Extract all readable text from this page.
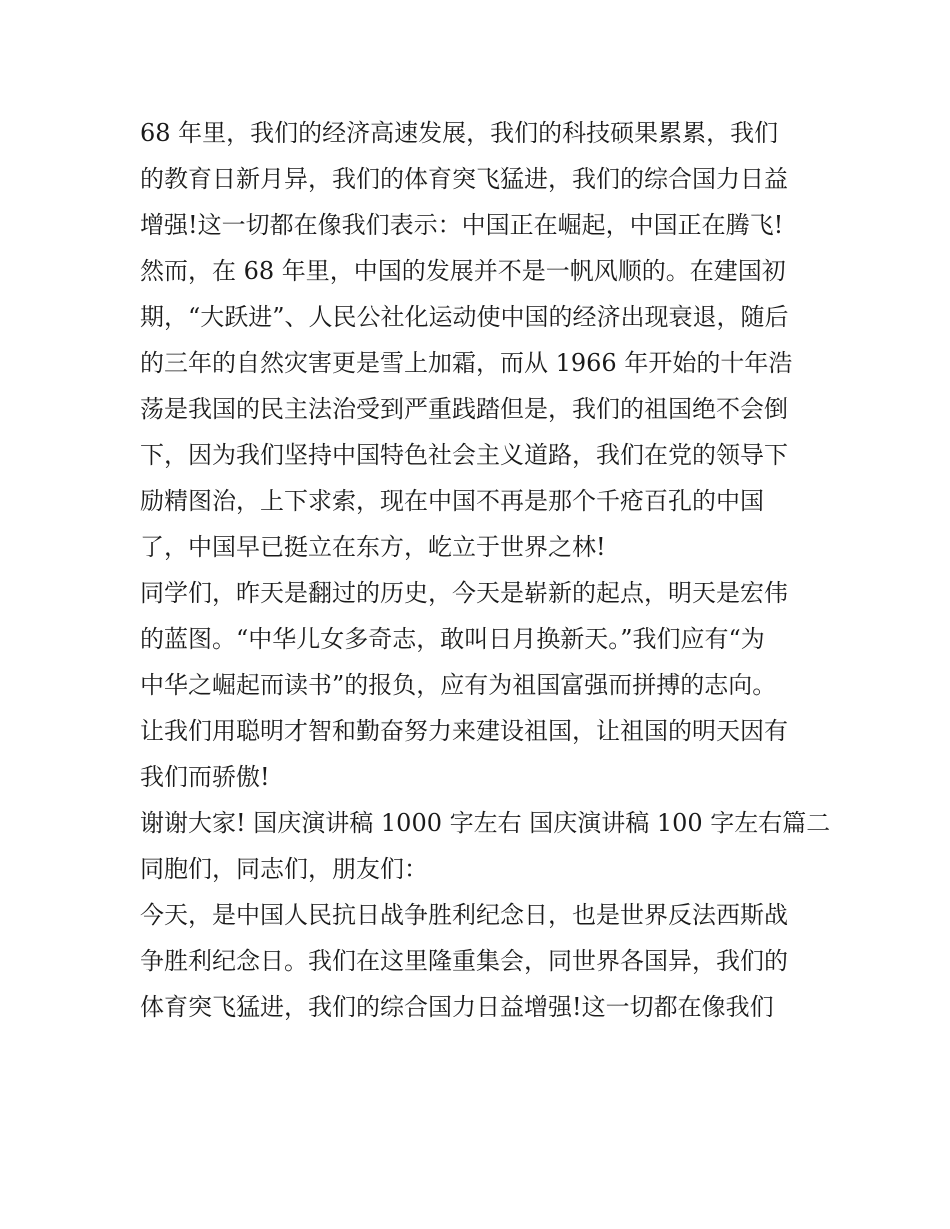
68 年里，我们的经济高速发展，我们的科技硕果累累，我们
的教育日新月异，我们的体育突飞猛进，我们的综合国力日益
增强!这一切都在像我们表示：中国正在崛起，中国正在腾飞!
然而，在 68 年里，中国的发展并不是一帆风顺的。在建国初
期，“大跃进”、人民公社化运动使中国的经济出现衰退，随后
的三年的自然灾害更是雪上加霜，而从 1966 年开始的十年浩
荡是我国的民主法治受到严重践踏但是，我们的祖国绝不会倒
下，因为我们坚持中国特色社会主义道路，我们在党的领导下
励精图治，上下求索，现在中国不再是那个千疮百孔的中国
了，中国早已挺立在东方，屹立于世界之林!
同学们，昨天是翻过的历史，今天是崭新的起点，明天是宏伟
的蓝图。“中华儿女多奇志，敢叫日月换新天。”我们应有“为
中华之崛起而读书”的报负，应有为祖国富强而拼搏的志向。
让我们用聪明才智和勤奋努力来建设祖国，让祖国的明天因有
我们而骄傲!
谢谢大家! 国庆演讲稿 1000 字左右 国庆演讲稿 100 字左右篇二
同胞们，同志们，朋友们：
今天，是中国人民抗日战争胜利纪念日，也是世界反法西斯战
争胜利纪念日。我们在这里隆重集会，同世界各国异，我们的
体育突飞猛进，我们的综合国力日益增强!这一切都在像我们
